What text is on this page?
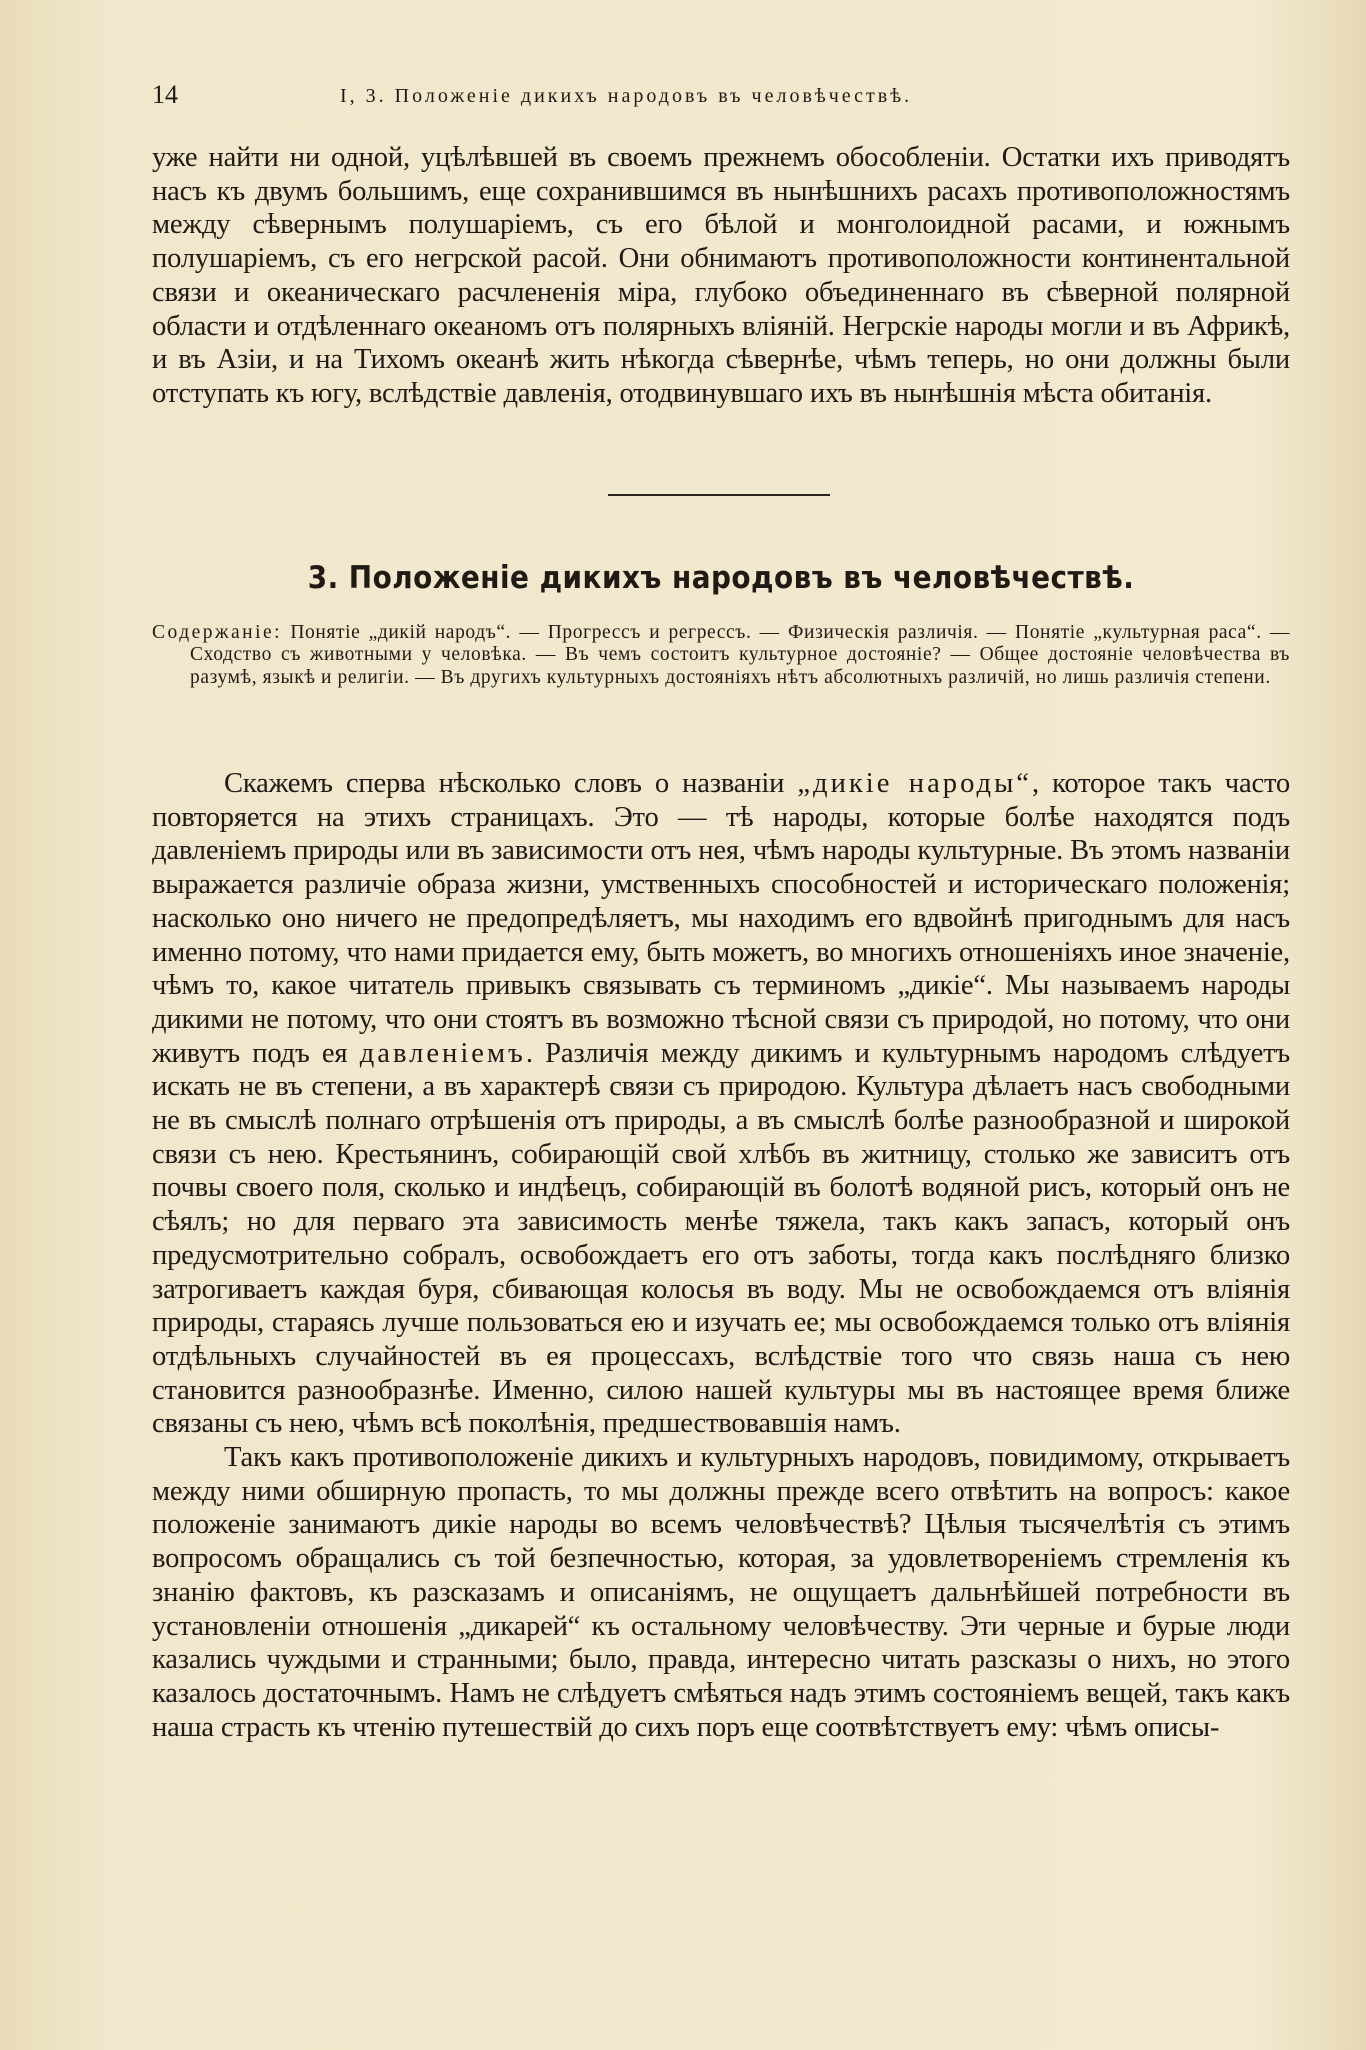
14	I, 3. Положеніе дикихъ народовъ въ человѣчествѣ.

уже найти ни одной, уцѣлѣвшей въ своемъ прежнемъ обособленіи. Остатки ихъ приводятъ насъ къ двумъ большимъ, еще сохранившимся въ нынѣшнихъ расахъ противоположностямъ между сѣвернымъ полушаріемъ, съ его бѣлой и монголоидной расами, и южнымъ полушаріемъ, съ его негрской расой. Они обнимаютъ противоположности континентальной связи и океаническаго расчлененія міра, глубоко объединеннаго въ сѣверной полярной области и отдѣленнаго океаномъ отъ полярныхъ вліяній. Негрскіе народы могли и въ Африкѣ, и въ Азіи, и на Тихомъ океанѣ жить нѣкогда сѣвернѣе, чѣмъ теперь, но они должны были отступать къ югу, вслѣдствіе давленія, отодвинувшаго ихъ въ нынѣшнія мѣста обитанія.

3. Положеніе дикихъ народовъ въ человѣчествѣ.
Содержаніе: Понятіе „дикій народъ“. — Прогрессъ и регрессъ. — Физическія различія. — Понятіе „культурная раса“. — Сходство съ животными у человѣка. — Въ чемъ состоитъ культурное достояніе? — Общее достояніе человѣчества въ разумѣ, языкѣ и религіи. — Въ другихъ культурныхъ достояніяхъ нѣтъ абсолютныхъ различій, но лишь различія степени.

Скажемъ сперва нѣсколько словъ о названіи „дикіе народы“, которое такъ часто повторяется на этихъ страницахъ. Это — тѣ народы, которые болѣе находятся подъ давленіемъ природы или въ зависимости отъ нея, чѣмъ народы культурные. Въ этомъ названіи выражается различіе образа жизни, умственныхъ способностей и историческаго положенія; насколько оно ничего не предопредѣляетъ, мы находимъ его вдвойнѣ пригоднымъ для насъ именно потому, что нами придается ему, быть можетъ, во многихъ отношеніяхъ иное значеніе, чѣмъ то, какое читатель привыкъ связывать съ терминомъ „дикіе“. Мы называемъ народы дикими не потому, что они стоятъ въ возможно тѣсной связи съ природой, но потому, что они живутъ подъ ея давленіемъ. Различія между дикимъ и культурнымъ народомъ слѣдуетъ искать не въ степени, а въ характерѣ связи съ природою. Культура дѣлаетъ насъ свободными не въ смыслѣ полнаго отрѣшенія отъ природы, а въ смыслѣ болѣе разнообразной и широкой связи съ нею. Крестьянинъ, собирающій свой хлѣбъ въ житницу, столько же зависитъ отъ почвы своего поля, сколько и индѣецъ, собирающій въ болотѣ водяной рисъ, который онъ не сѣялъ; но для перваго эта зависимость менѣе тяжела, такъ какъ запасъ, который онъ предусмотрительно собралъ, освобождаетъ его отъ заботы, тогда какъ послѣдняго близко затрогиваетъ каждая буря, сбивающая колосья въ воду. Мы не освобождаемся отъ вліянія природы, стараясь лучше пользоваться ею и изучать ее; мы освобождаемся только отъ вліянія отдѣльныхъ случайностей въ ея процессахъ, вслѣдствіе того что связь наша съ нею становится разнообразнѣе. Именно, силою нашей культуры мы въ настоящее время ближе связаны съ нею, чѣмъ всѣ поколѣнія, предшествовавшія намъ.

Такъ какъ противоположеніе дикихъ и культурныхъ народовъ, повидимому, открываетъ между ними обширную пропасть, то мы должны прежде всего отвѣтить на вопросъ: какое положеніе занимаютъ дикіе народы во всемъ человѣчествѣ? Цѣлыя тысячелѣтія съ этимъ вопросомъ обращались съ той безпечностью, которая, за удовлетвореніемъ стремленія къ знанію фактовъ, къ разсказамъ и описаніямъ, не ощущаетъ дальнѣйшей потребности въ установленіи отношенія „дикарей“ къ остальному человѣчеству. Эти черные и бурые люди казались чуждыми и странными; было, правда, интересно читать разсказы о нихъ, но этого казалось достаточнымъ. Намъ не слѣдуетъ смѣяться надъ этимъ состояніемъ вещей, такъ какъ наша страсть къ чтенію путешествій до сихъ поръ еще соотвѣтствуетъ ему: чѣмъ описы-
